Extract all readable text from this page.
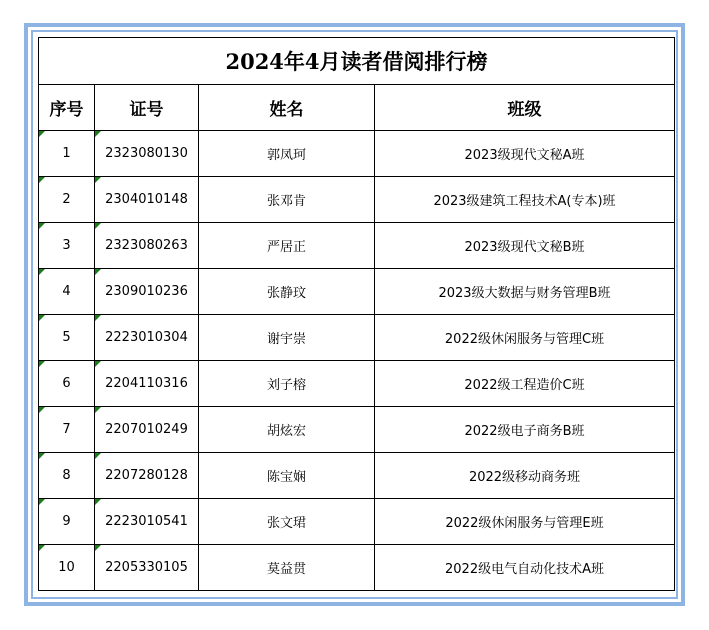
2024年4月读者借阅排行榜			
序号	证号	姓名	班级
1	2323080130	郭凤珂	2023级现代文秘A班
2	2304010148	张邓肯	2023级建筑工程技术A(专本)班
3	2323080263	严居正	2023级现代文秘B班
4	2309010236	张静玟	2023级大数据与财务管理B班
5	2223010304	谢宇崇	2022级休闲服务与管理C班
6	2204110316	刘子榕	2022级工程造价C班
7	2207010249	胡炫宏	2022级电子商务B班
8	2207280128	陈宝娴	2022级移动商务班
9	2223010541	张文珺	2022级休闲服务与管理E班
10	2205330105	莫益贯	2022级电气自动化技术A班
